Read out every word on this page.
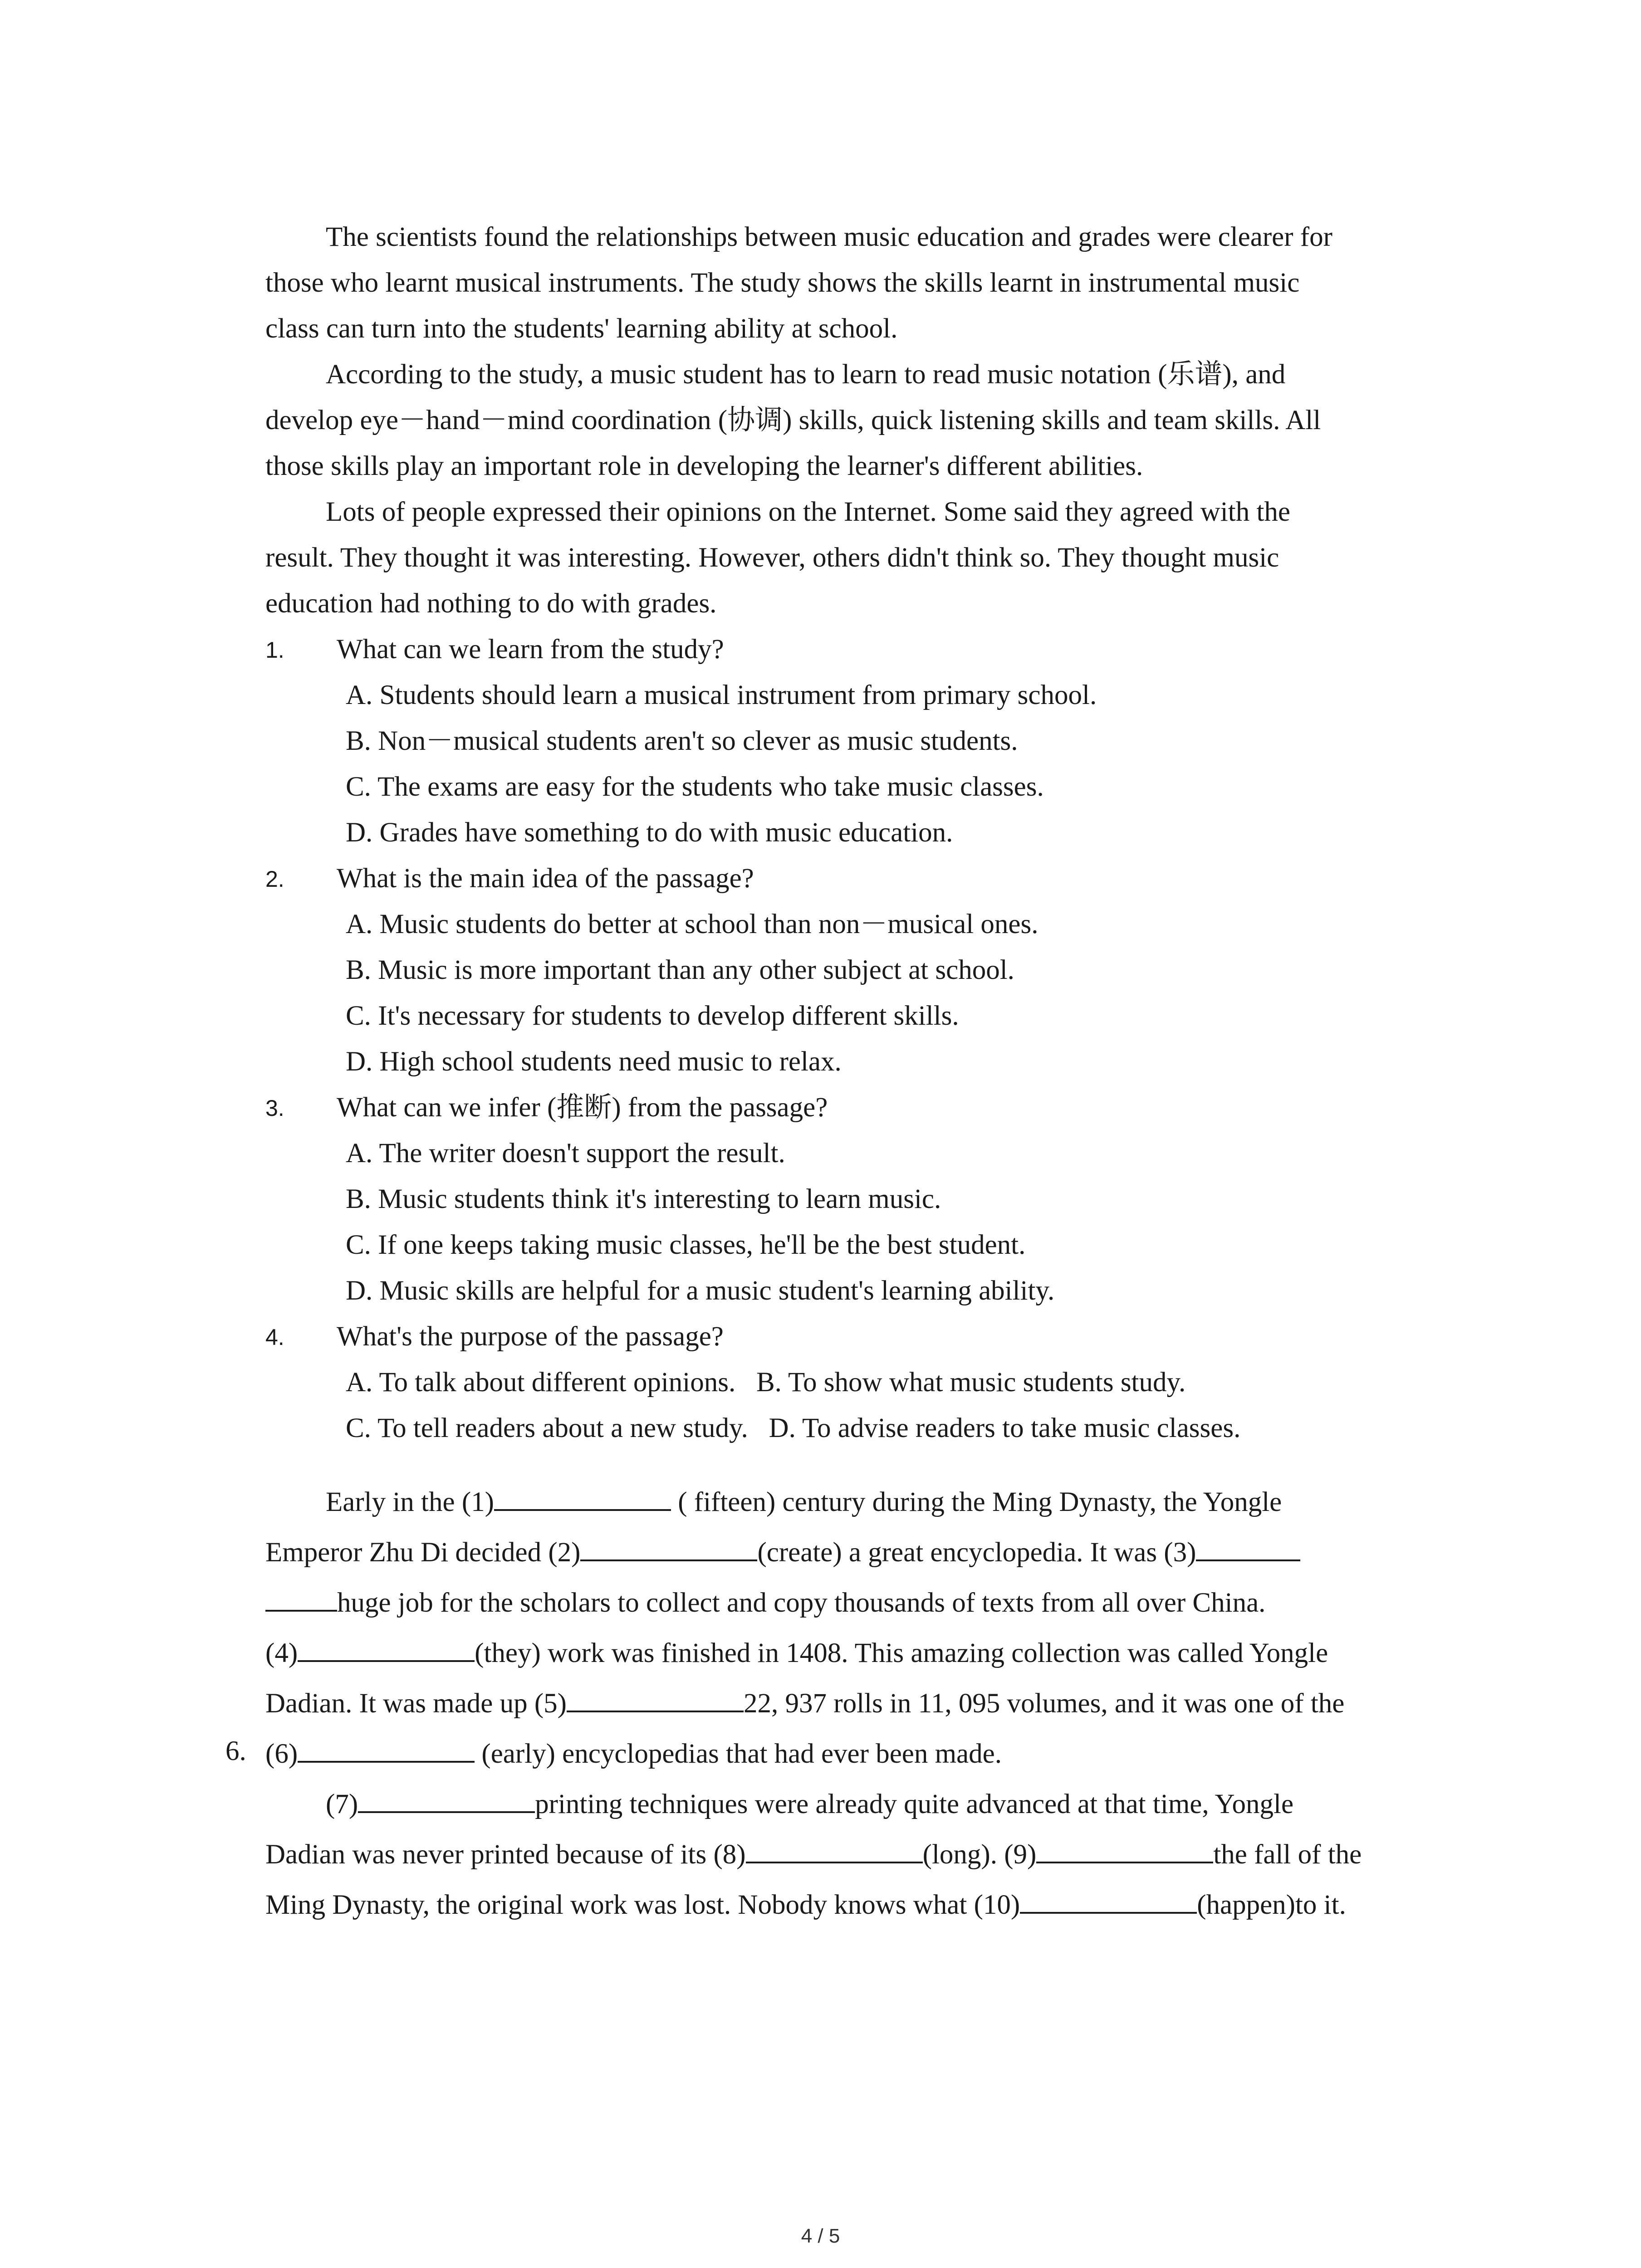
The scientists found the relationships between music education and grades were clearer for
those who learnt musical instruments. The study shows the skills learnt in instrumental music
class can turn into the students' learning ability at school.
According to the study, a music student has to learn to read music notation (乐谱), and
develop eye－hand－mind coordination (协调) skills, quick listening skills and team skills. All
those skills play an important role in developing the learner's different abilities.
Lots of people expressed their opinions on the Internet. Some said they agreed with the
result. They thought it was interesting. However, others didn't think so. They thought music
education had nothing to do with grades.
1. What can we learn from the study?
A. Students should learn a musical instrument from primary school.
B. Non－musical students aren't so clever as music students.
C. The exams are easy for the students who take music classes.
D. Grades have something to do with music education.
2. What is the main idea of the passage?
A. Music students do better at school than non－musical ones.
B. Music is more important than any other subject at school.
C. It's necessary for students to develop different skills.
D. High school students need music to relax.
3. What can we infer (推断) from the passage?
A. The writer doesn't support the result.
B. Music students think it's interesting to learn music.
C. If one keeps taking music classes, he'll be the best student.
D. Music skills are helpful for a music student's learning ability.
4. What's the purpose of the passage?
A. To talk about different opinions.   B. To show what music students study.
C. To tell readers about a new study.   D. To advise readers to take music classes.
Early in the (1)	( fifteen) century during the Ming Dynasty, the Yongle
Emperor Zhu Di decided (2)	(create) a great encyclopedia. It was (3)
huge job for the scholars to collect and copy thousands of texts from all over China.
(4)	(they) work was finished in 1408. This amazing collection was called Yongle
Dadian. It was made up (5)	22, 937 rolls in 11, 095 volumes, and it was one of the
6. (6)	(early) encyclopedias that had ever been made.
(7)	printing techniques were already quite advanced at that time, Yongle
Dadian was never printed because of its (8)	(long). (9)	the fall of the
Ming Dynasty, the original work was lost. Nobody knows what (10)	(happen)to it.
4 / 5
